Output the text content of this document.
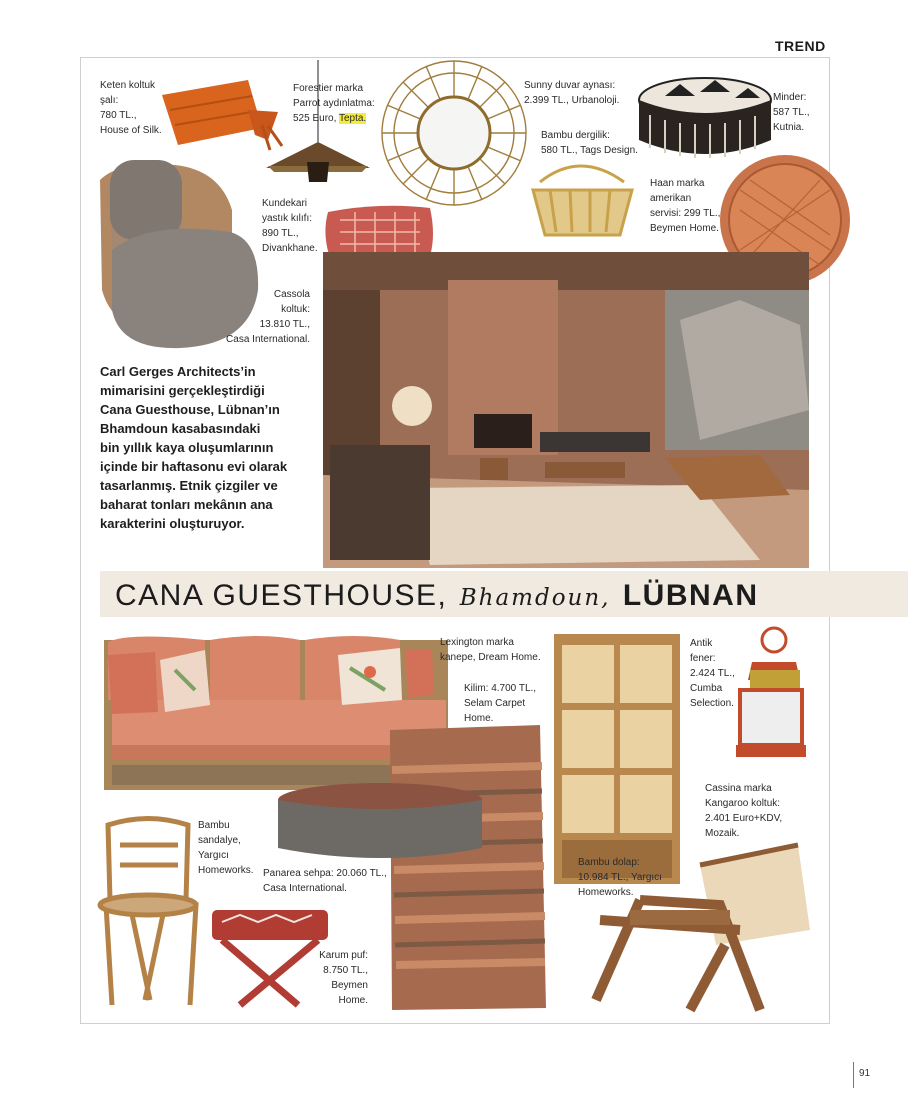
TREND
Keten koltuk
şalı:
780 TL.,
House of Silk.
Forestier marka
Parrot aydınlatma:
525 Euro, Tepta.
Sunny duvar aynası:
2.399 TL., Urbanoloji.
Bambu dergilik:
580 TL., Tags Design.
Minder:
587 TL.,
Kutnia.
Haan marka
amerikan
servisi: 299 TL.,
Beymen Home.
Kundekari
yastık kılıfı:
890 TL.,
Divankhane.
Cassola
koltuk:
13.810 TL.,
Casa International.
Carl Gerges Architects’in
mimarisini gerçekleştirdiği
Cana Guesthouse, Lübnan’ın
Bhamdoun kasabasındaki
bin yıllık kaya oluşumlarının
içinde bir haftasonu evi olarak
tasarlanmış. Etnik çizgiler ve
baharat tonları mekânın ana
karakterini oluşturuyor.
CANA GUESTHOUSE, Bhamdoun, LÜBNAN
Lexington marka
kanepe, Dream Home.
Kilim: 4.700 TL.,
Selam Carpet
Home.
Antik
fener:
2.424 TL.,
Cumba
Selection.
Cassina marka
Kangaroo koltuk:
2.401 Euro+KDV,
Mozaik.
Bambu
sandalye,
Yargıcı
Homeworks. Panarea sehpa: 20.060 TL.,
Casa International.
Bambu dolap:
10.984 TL., Yargıcı
Homeworks.
Karum puf:
8.750 TL.,
Beymen
Home.
91
